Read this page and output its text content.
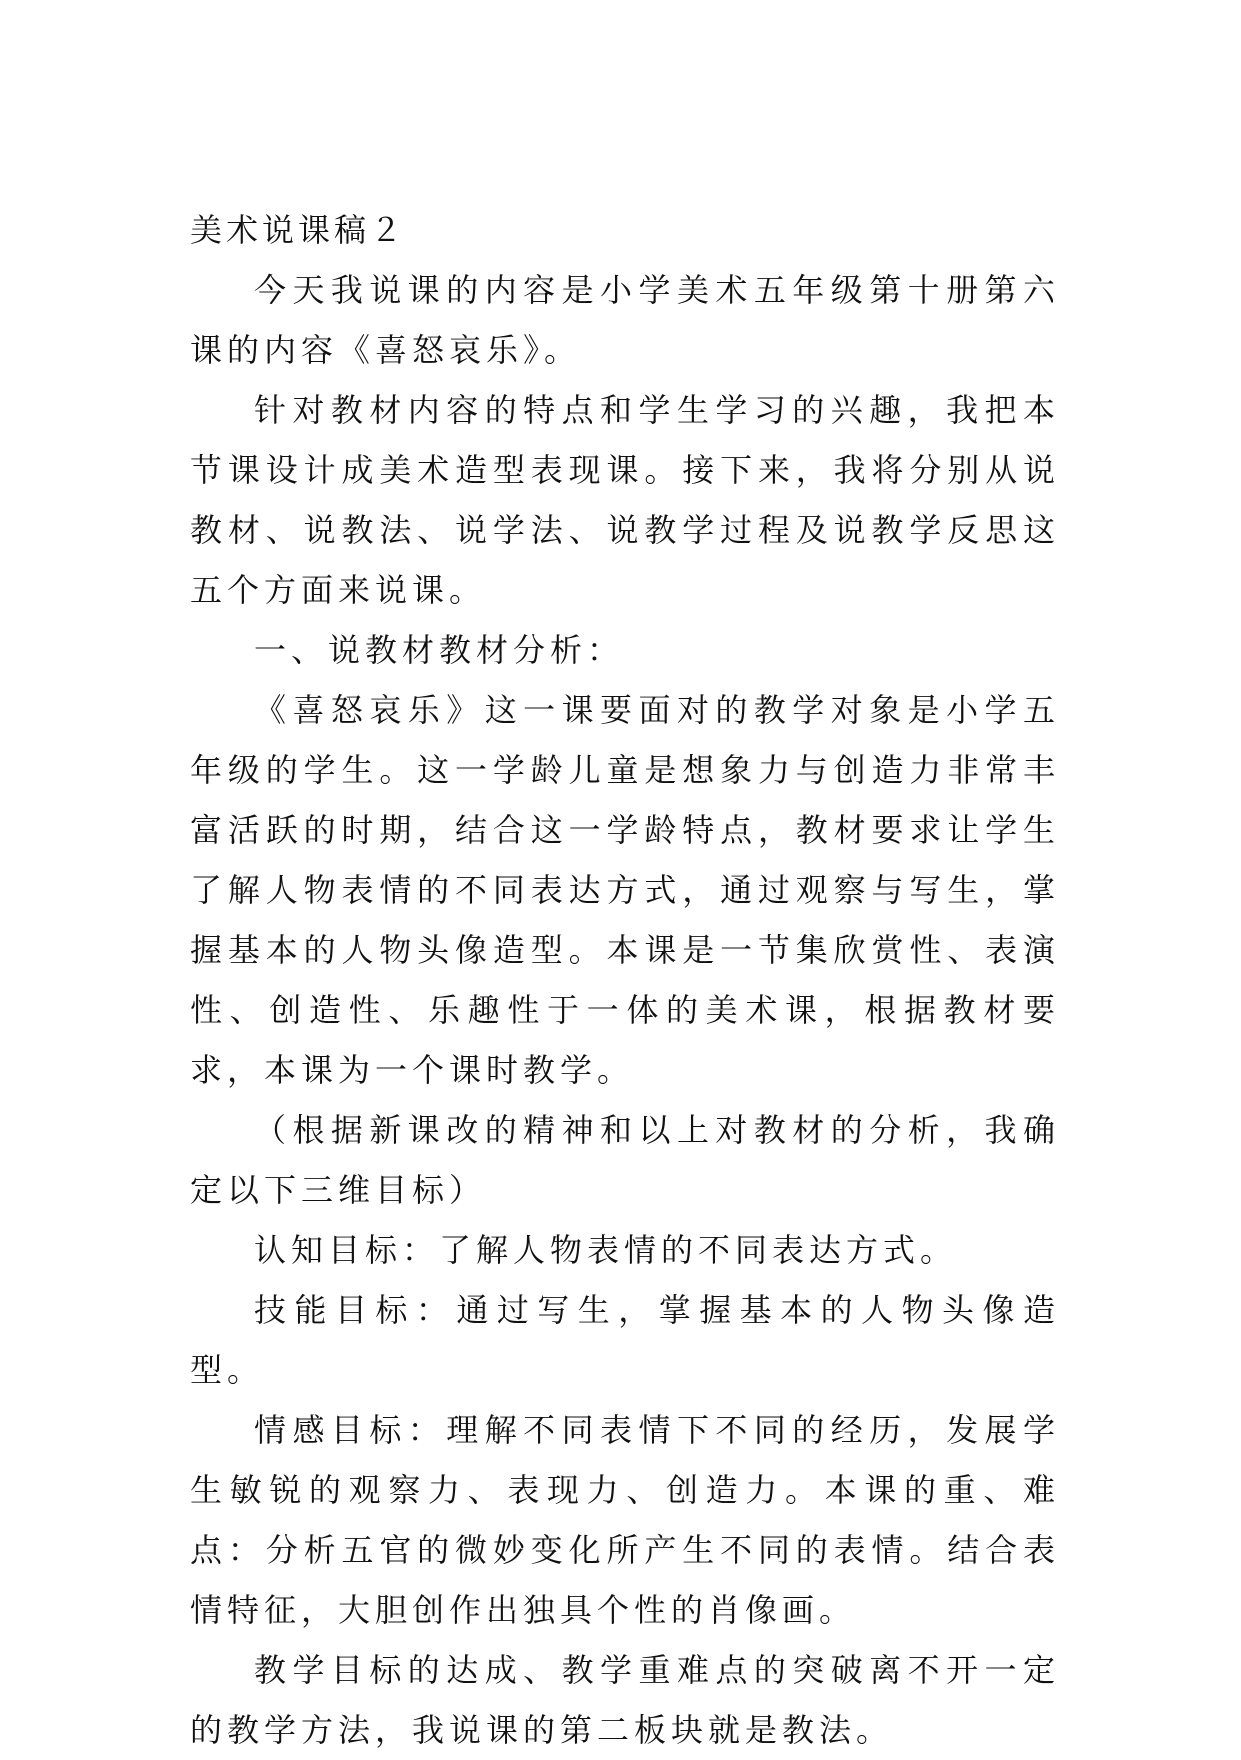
美术说课稿２

今天我说课的内容是小学美术五年级第十册第六课的内容《喜怒哀乐》。

针对教材内容的特点和学生学习的兴趣，我把本节课设计成美术造型表现课。接下来，我将分别从说教材、说教法、说学法、说教学过程及说教学反思这五个方面来说课。

一、说教材教材分析：

《喜怒哀乐》这一课要面对的教学对象是小学五年级的学生。这一学龄儿童是想象力与创造力非常丰富活跃的时期，结合这一学龄特点，教材要求让学生了解人物表情的不同表达方式，通过观察与写生，掌握基本的人物头像造型。本课是一节集欣赏性、表演性、创造性、乐趣性于一体的美术课，根据教材要求，本课为一个课时教学。

（根据新课改的精神和以上对教材的分析，我确定以下三维目标）

认知目标：了解人物表情的不同表达方式。

技能目标：通过写生，掌握基本的人物头像造型。

情感目标：理解不同表情下不同的经历，发展学生敏锐的观察力、表现力、创造力。本课的重、难点：分析五官的微妙变化所产生不同的表情。结合表情特征，大胆创作出独具个性的肖像画。

教学目标的达成、教学重难点的突破离不开一定的教学方法，我说课的第二板块就是教法。
